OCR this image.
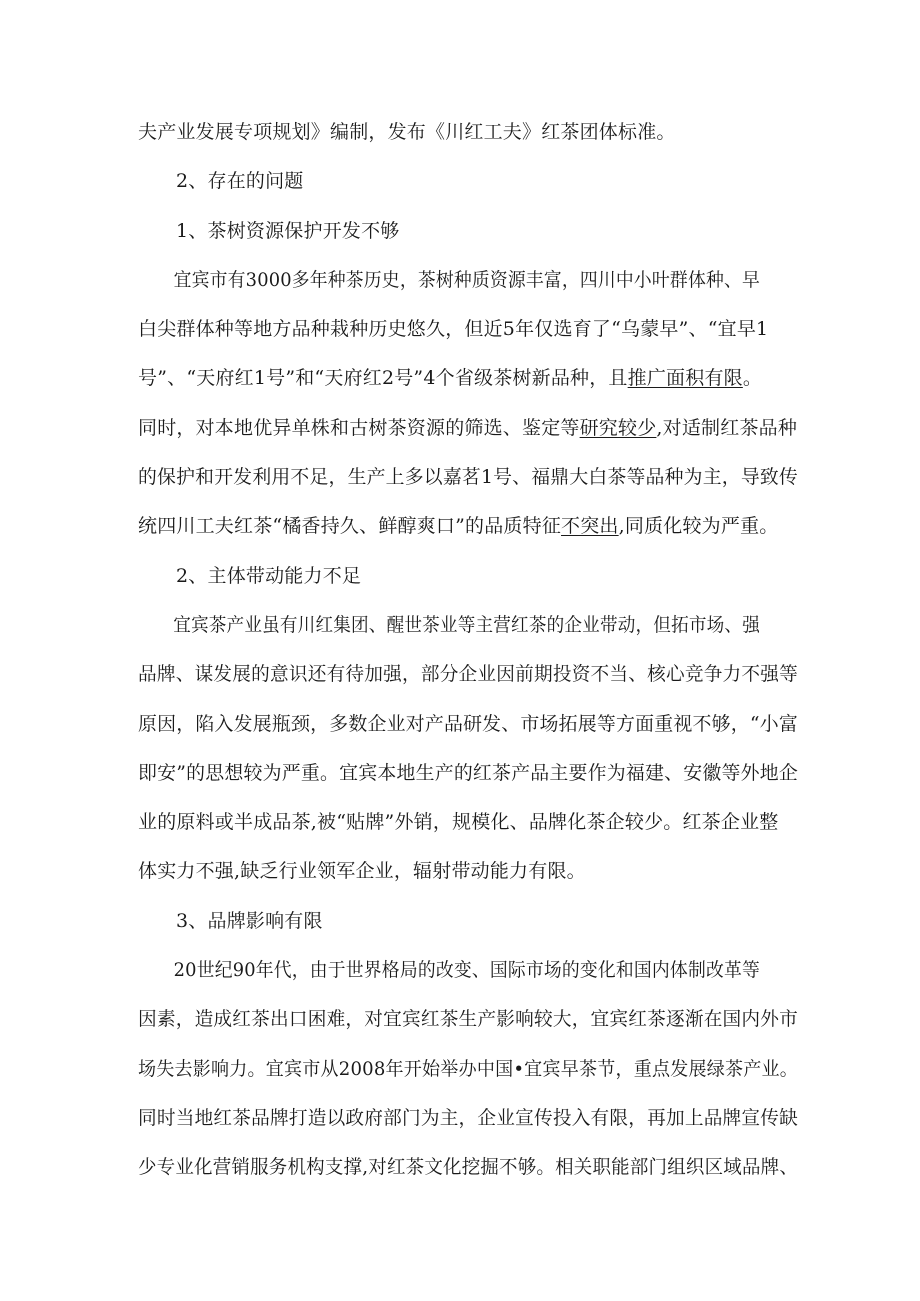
夫产业发展专项规划》编制，发布《川红工夫》红茶团体标准。
2、存在的问题
1、茶树资源保护开发不够
宜宾市有3000多年种茶历史，茶树种质资源丰富，四川中小叶群体种、早
白尖群体种等地方品种栽种历史悠久，但近5年仅选育了“乌蒙早”、“宜早1
号”、“天府红1号”和“天府红2号”4个省级茶树新品种，且推广面积有限。
同时，对本地优异单株和古树茶资源的筛选、鉴定等研究较少,对适制红茶品种
的保护和开发利用不足，生产上多以嘉茗1号、福鼎大白茶等品种为主，导致传
统四川工夫红茶“橘香持久、鲜醇爽口”的品质特征不突出,同质化较为严重。
2、主体带动能力不足
宜宾茶产业虽有川红集团、醒世茶业等主营红茶的企业带动，但拓市场、强
品牌、谋发展的意识还有待加强，部分企业因前期投资不当、核心竞争力不强等
原因，陷入发展瓶颈，多数企业对产品研发、市场拓展等方面重视不够，“小富
即安”的思想较为严重。宜宾本地生产的红茶产品主要作为福建、安徽等外地企
业的原料或半成品茶,被“贴牌”外销，规模化、品牌化茶企较少。红茶企业整
体实力不强,缺乏行业领军企业，辐射带动能力有限。
3、品牌影响有限
20世纪90年代，由于世界格局的改变、国际市场的变化和国内体制改革等
因素，造成红茶出口困难，对宜宾红茶生产影响较大，宜宾红茶逐渐在国内外市
场失去影响力。宜宾市从2008年开始举办中国•宜宾早茶节，重点发展绿茶产业。
同时当地红茶品牌打造以政府部门为主，企业宣传投入有限，再加上品牌宣传缺
少专业化营销服务机构支撑,对红茶文化挖掘不够。相关职能部门组织区域品牌、
